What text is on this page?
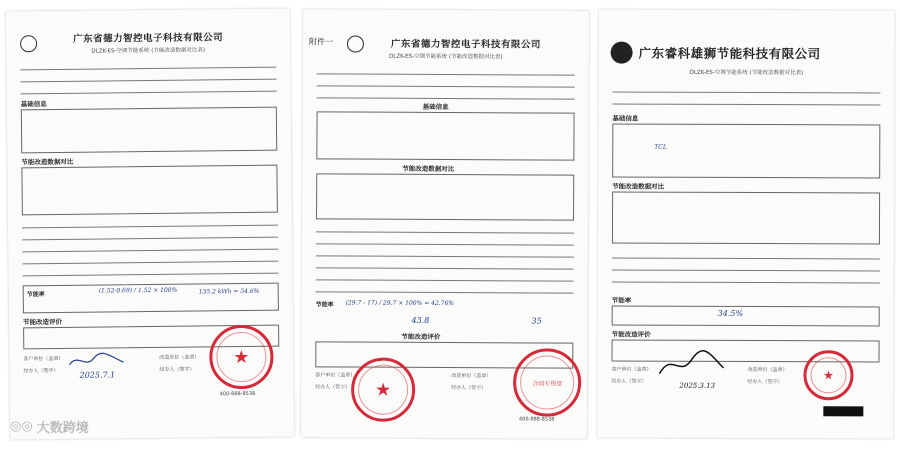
广东省德力智控电子科技有限公司
DLZK-ES-空调节能系统 (节能改造数据对比表)
基础信息
节能改造数据对比
节能率
(1.52-0.69) / 1.52 × 100%	135.2 kWh = 54.6%
节能改造评价
客户单位（盖章）
经办人（签字）
改造单位（盖章）
经办人（签字）
2025.7.1
★
400-888-8538
附件一	广东省德力智控电子科技有限公司
DLZK-ES-空调节能系统 (节能改造数据对比表)
基础信息
节能改造数据对比
节能率 (29.7 - 17) / 29.7 × 100% = 42.76%
43.8	35
节能改造评价
客户单位（盖章）
经办人（签字）
改造单位（盖章）
经办人（签字）
★	合同专用章
400-888-8538
广东睿科雄狮节能科技有限公司
DLZK-ES-空调节能系统 (节能改造数据对比表)
基础信息
TCL
节能改造数据对比
节能率
34.5%
节能改造评价
客户单位（盖章）
经办人（签字）
改造单位（盖章）
经办人（签字）
2025.3.13
★
◎◎ 大数跨境
